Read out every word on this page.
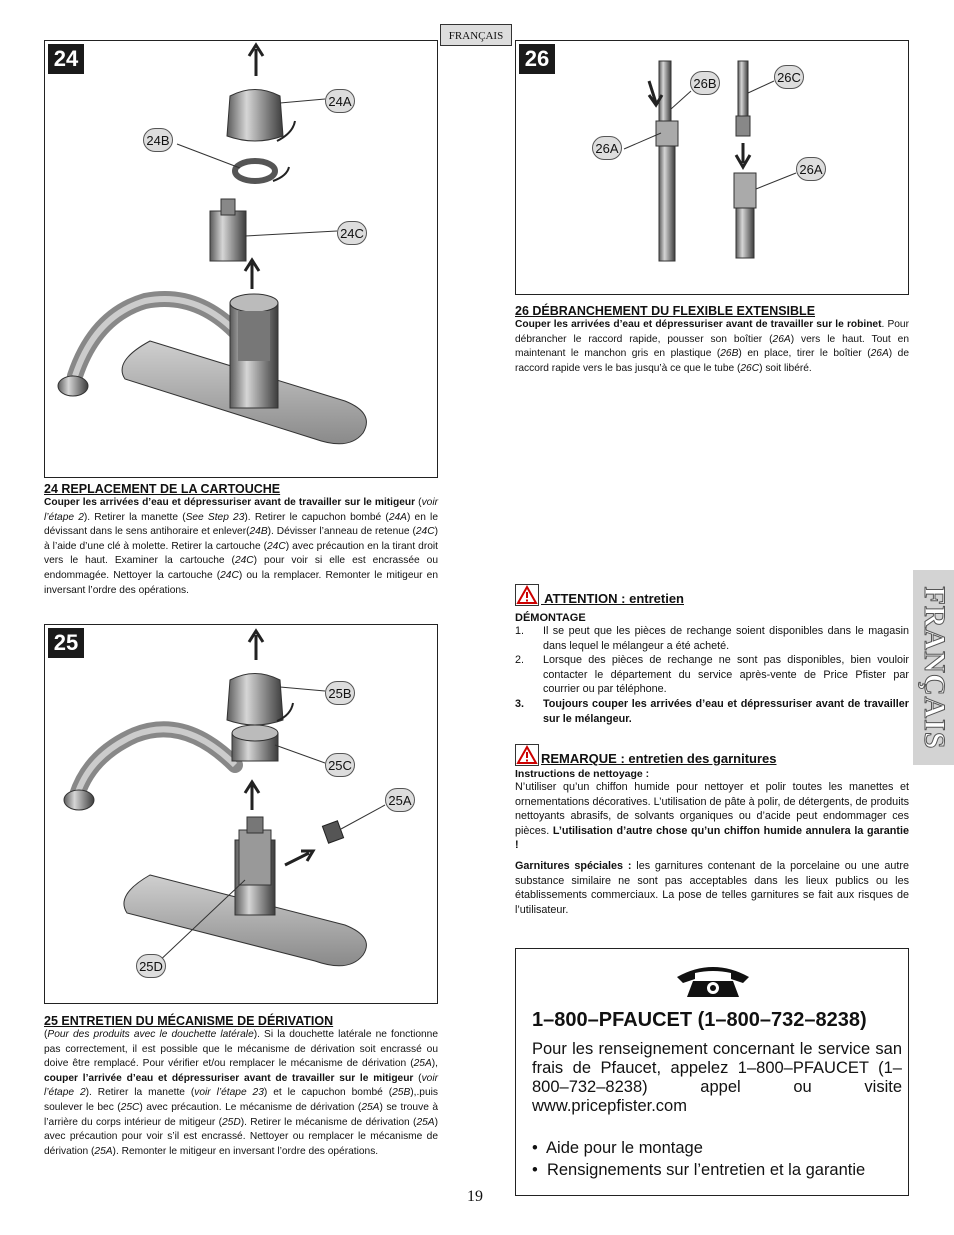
FRANÇAIS
FRANÇAIS
24
24A
24B
24C
24 REPLACEMENT DE LA CARTOUCHE
Couper les arrivées d’eau et dépressuriser avant de travailler sur le mitigeur (voir l’étape 2). Retirer la manette (See Step 23). Retirer le capuchon bombé (24A) en le dévissant dans le sens antihoraire et enlever(24B). Dévisser l’anneau de retenue (24C) à l’aide d’une clé à molette. Retirer la cartouche (24C) avec précaution en la tirant droit vers le haut. Examiner la cartouche (24C) pour voir si elle est encrassée ou endommagée. Nettoyer la cartouche (24C) ou la remplacer. Remonter le mitigeur en inversant l’ordre des opérations.
25
25B
25C
25A
25D
25 ENTRETIEN DU MÉCANISME DE DÉRIVATION
(Pour des produits avec le douchette latérale). Si la douchette latérale ne fonctionne pas correctement, il est possible que le mécanisme de dérivation soit encrassé ou doive être remplacé. Pour vérifier et/ou remplacer le mécanisme de dérivation (25A), couper l’arrivée d’eau et dépressuriser avant de travailler sur le mitigeur (voir l’étape 2). Retirer la manette (voir l’étape 23) et le capuchon bombé (25B),.puis soulever le bec (25C) avec précaution. Le mécanisme de dérivation (25A) se trouve à l’arrière du corps intérieur de mitigeur (25D). Retirer le mécanisme de dérivation (25A) avec précaution pour voir s’il est encrassé. Nettoyer ou remplacer le mécanisme de dérivation (25A). Remonter le mitigeur en inversant l’ordre des opérations.
26
26B	26C
26A
26A
26 DÉBRANCHEMENT DU FLEXIBLE EXTENSIBLE
Couper les arrivées d’eau et dépressuriser avant de travailler sur le robinet. Pour débrancher le raccord rapide, pousser son boîtier (26A) vers le haut. Tout en maintenant le manchon gris en plastique (26B) en place, tirer le boîtier (26A) de raccord rapide vers le bas jusqu’à ce que le tube (26C) soit libéré.
ATTENTION : entretien
DÉMONTAGE
1.	Il se peut que les pièces de rechange soient disponibles dans le magasin dans lequel le mélangeur a été acheté.
2.	Lorsque des pièces de rechange ne sont pas disponibles, bien vouloir contacter le département du service après-vente de Price Pfister par courrier ou par téléphone.
3.	Toujours couper les arrivées d’eau et dépressuriser avant de travailler sur le mélangeur.
REMARQUE : entretien des garnitures
Instructions de nettoyage :
N’utiliser qu’un chiffon humide pour nettoyer et polir toutes les manettes et ornementations décoratives. L’utilisation de pâte à polir, de détergents, de produits nettoyants abrasifs, de solvants organiques ou d’acide peut endommager ces pièces. L’utilisation d’autre chose qu’un chiffon humide annulera la garantie !
Garnitures spéciales : les garnitures contenant de la porcelaine ou une autre substance similaire ne sont pas acceptables dans les lieux publics ou les établissements commerciaux. La pose de telles garnitures se fait aux risques de l’utilisateur.
1–800–PFAUCET (1–800–732–8238)
Pour les renseignement concernant le service san frais de Pfaucet, appelez 1–800–PFAUCET (1–800–732–8238) appel ou visite www.pricepfister.com
•  Aide pour le montage
•  Rensignements sur l’entretien et la garantie
19
